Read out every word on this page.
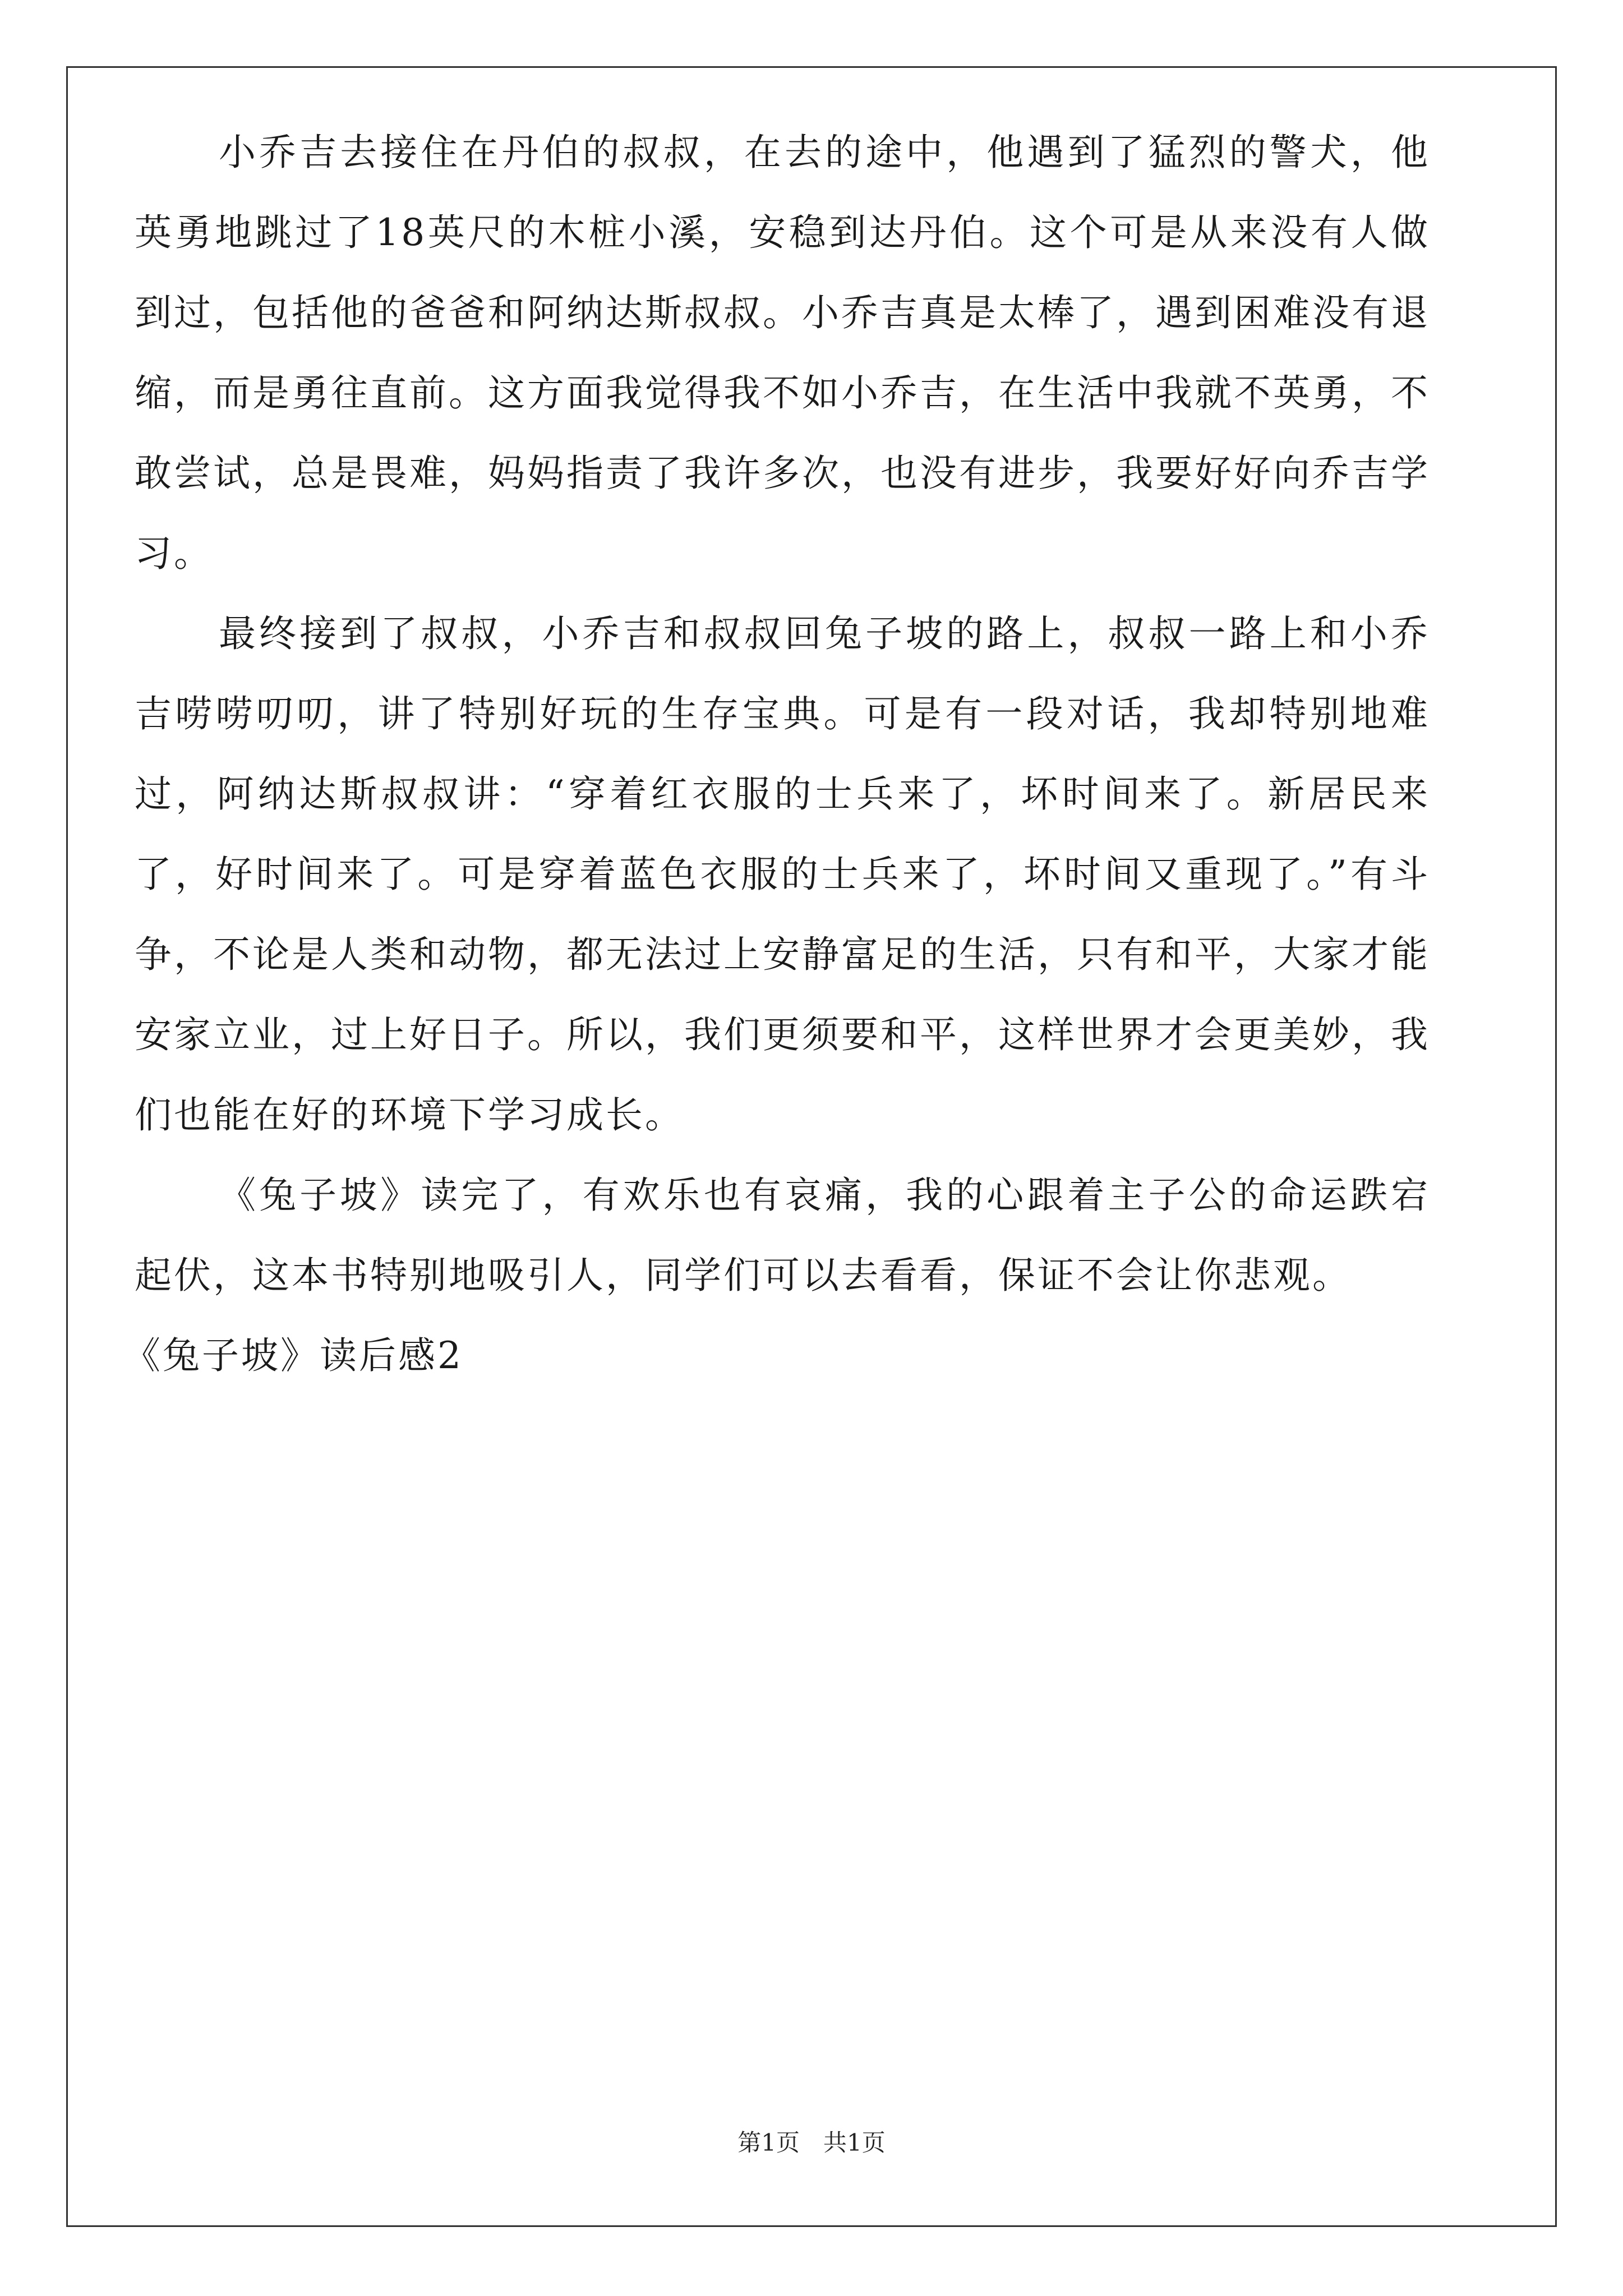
小乔吉去接住在丹伯的叔叔，在去的途中，他遇到了猛烈的警犬，他英勇地跳过了18英尺的木桩小溪，安稳到达丹伯。这个可是从来没有人做到过，包括他的爸爸和阿纳达斯叔叔。小乔吉真是太棒了，遇到困难没有退缩，而是勇往直前。这方面我觉得我不如小乔吉，在生活中我就不英勇，不敢尝试，总是畏难，妈妈指责了我许多次，也没有进步，我要好好向乔吉学习。

最终接到了叔叔，小乔吉和叔叔回兔子坡的路上，叔叔一路上和小乔吉唠唠叨叨，讲了特别好玩的生存宝典。可是有一段对话，我却特别地难过，阿纳达斯叔叔讲：“穿着红衣服的士兵来了，坏时间来了。新居民来了，好时间来了。可是穿着蓝色衣服的士兵来了，坏时间又重现了。”有斗争，不论是人类和动物，都无法过上安静富足的生活，只有和平，大家才能安家立业，过上好日子。所以，我们更须要和平，这样世界才会更美妙，我们也能在好的环境下学习成长。

《兔子坡》读完了，有欢乐也有哀痛，我的心跟着主子公的命运跌宕起伏，这本书特别地吸引人，同学们可以去看看，保证不会让你悲观。

《兔子坡》读后感2

第1页　共1页
